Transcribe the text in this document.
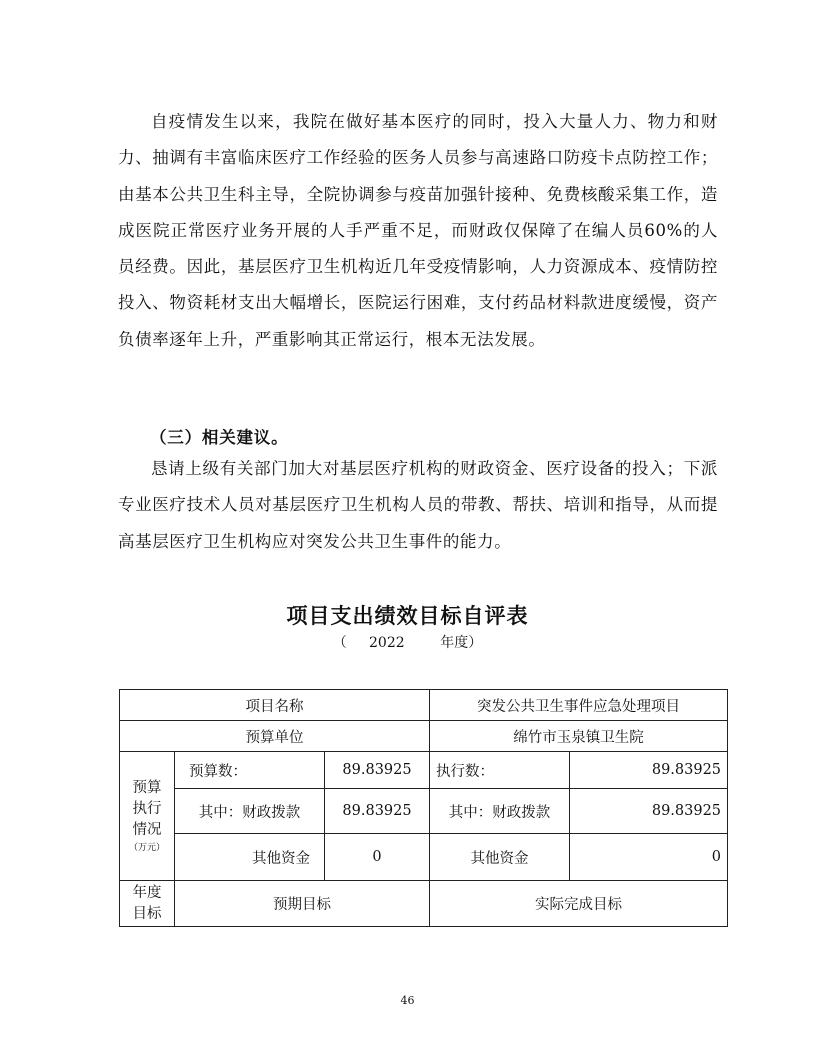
自疫情发生以来，我院在做好基本医疗的同时，投入大量人力、物力和财力、抽调有丰富临床医疗工作经验的医务人员参与高速路口防疫卡点防控工作；由基本公共卫生科主导，全院协调参与疫苗加强针接种、免费核酸采集工作，造成医院正常医疗业务开展的人手严重不足，而财政仅保障了在编人员60%的人员经费。因此，基层医疗卫生机构近几年受疫情影响，人力资源成本、疫情防控投入、物资耗材支出大幅增长，医院运行困难，支付药品材料款进度缓慢，资产负债率逐年上升，严重影响其正常运行，根本无法发展。

（三）相关建议。

恳请上级有关部门加大对基层医疗机构的财政资金、医疗设备的投入；下派专业医疗技术人员对基层医疗卫生机构人员的带教、帮扶、培训和指导，从而提高基层医疗卫生机构应对突发公共卫生事件的能力。

项目支出绩效目标自评表
（     2022        年度）
项目名称			突发公共卫生事件应急处理项目	
预算单位			绵竹市玉泉镇卫生院	

预算执行情况
（万元）	预算数：	89.83925	执行数：	89.83925
	其中：财政拨款	89.83925	其中：财政拨款	89.83925
	其他资金	0	其他资金	0

年度目标	预期目标		实际完成目标	
46
